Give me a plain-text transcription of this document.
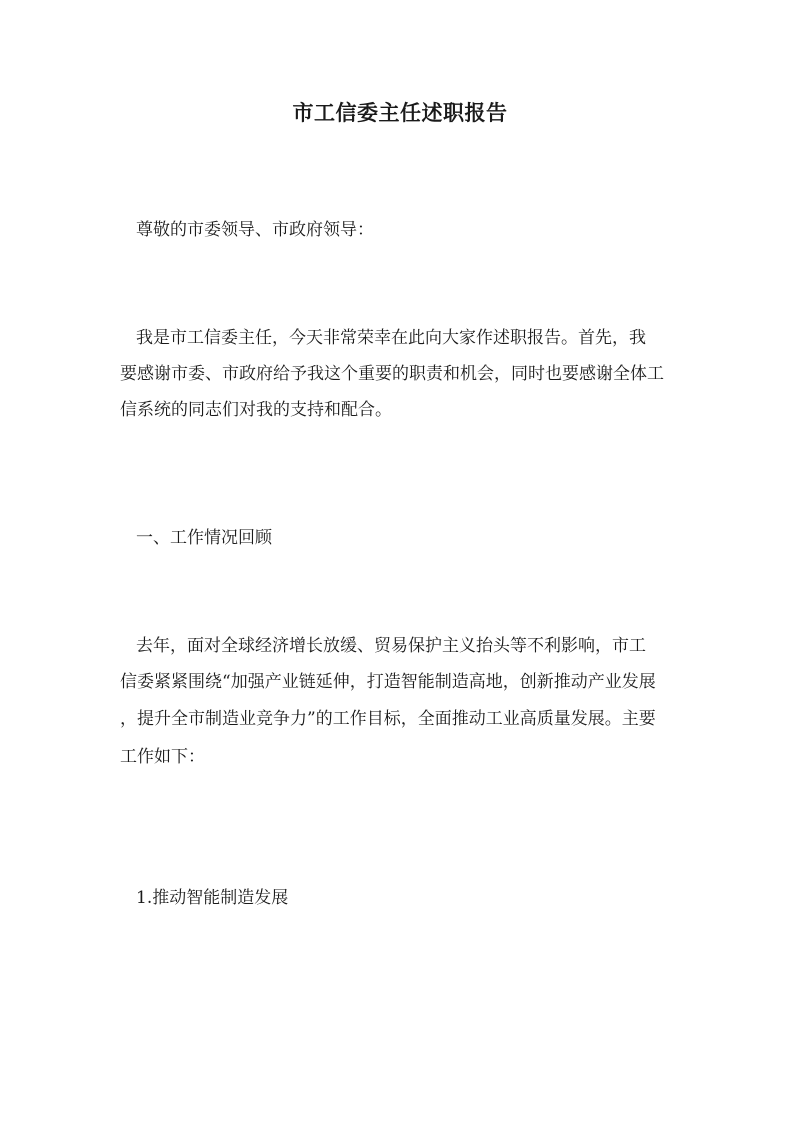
市工信委主任述职报告
尊敬的市委领导、市政府领导：
我是市工信委主任，今天非常荣幸在此向大家作述职报告。首先，我
要感谢市委、市政府给予我这个重要的职责和机会，同时也要感谢全体工
信系统的同志们对我的支持和配合。
一、工作情况回顾
去年，面对全球经济增长放缓、贸易保护主义抬头等不利影响，市工
信委紧紧围绕“加强产业链延伸，打造智能制造高地，创新推动产业发展
，提升全市制造业竞争力”的工作目标，全面推动工业高质量发展。主要
工作如下：
1.推动智能制造发展
